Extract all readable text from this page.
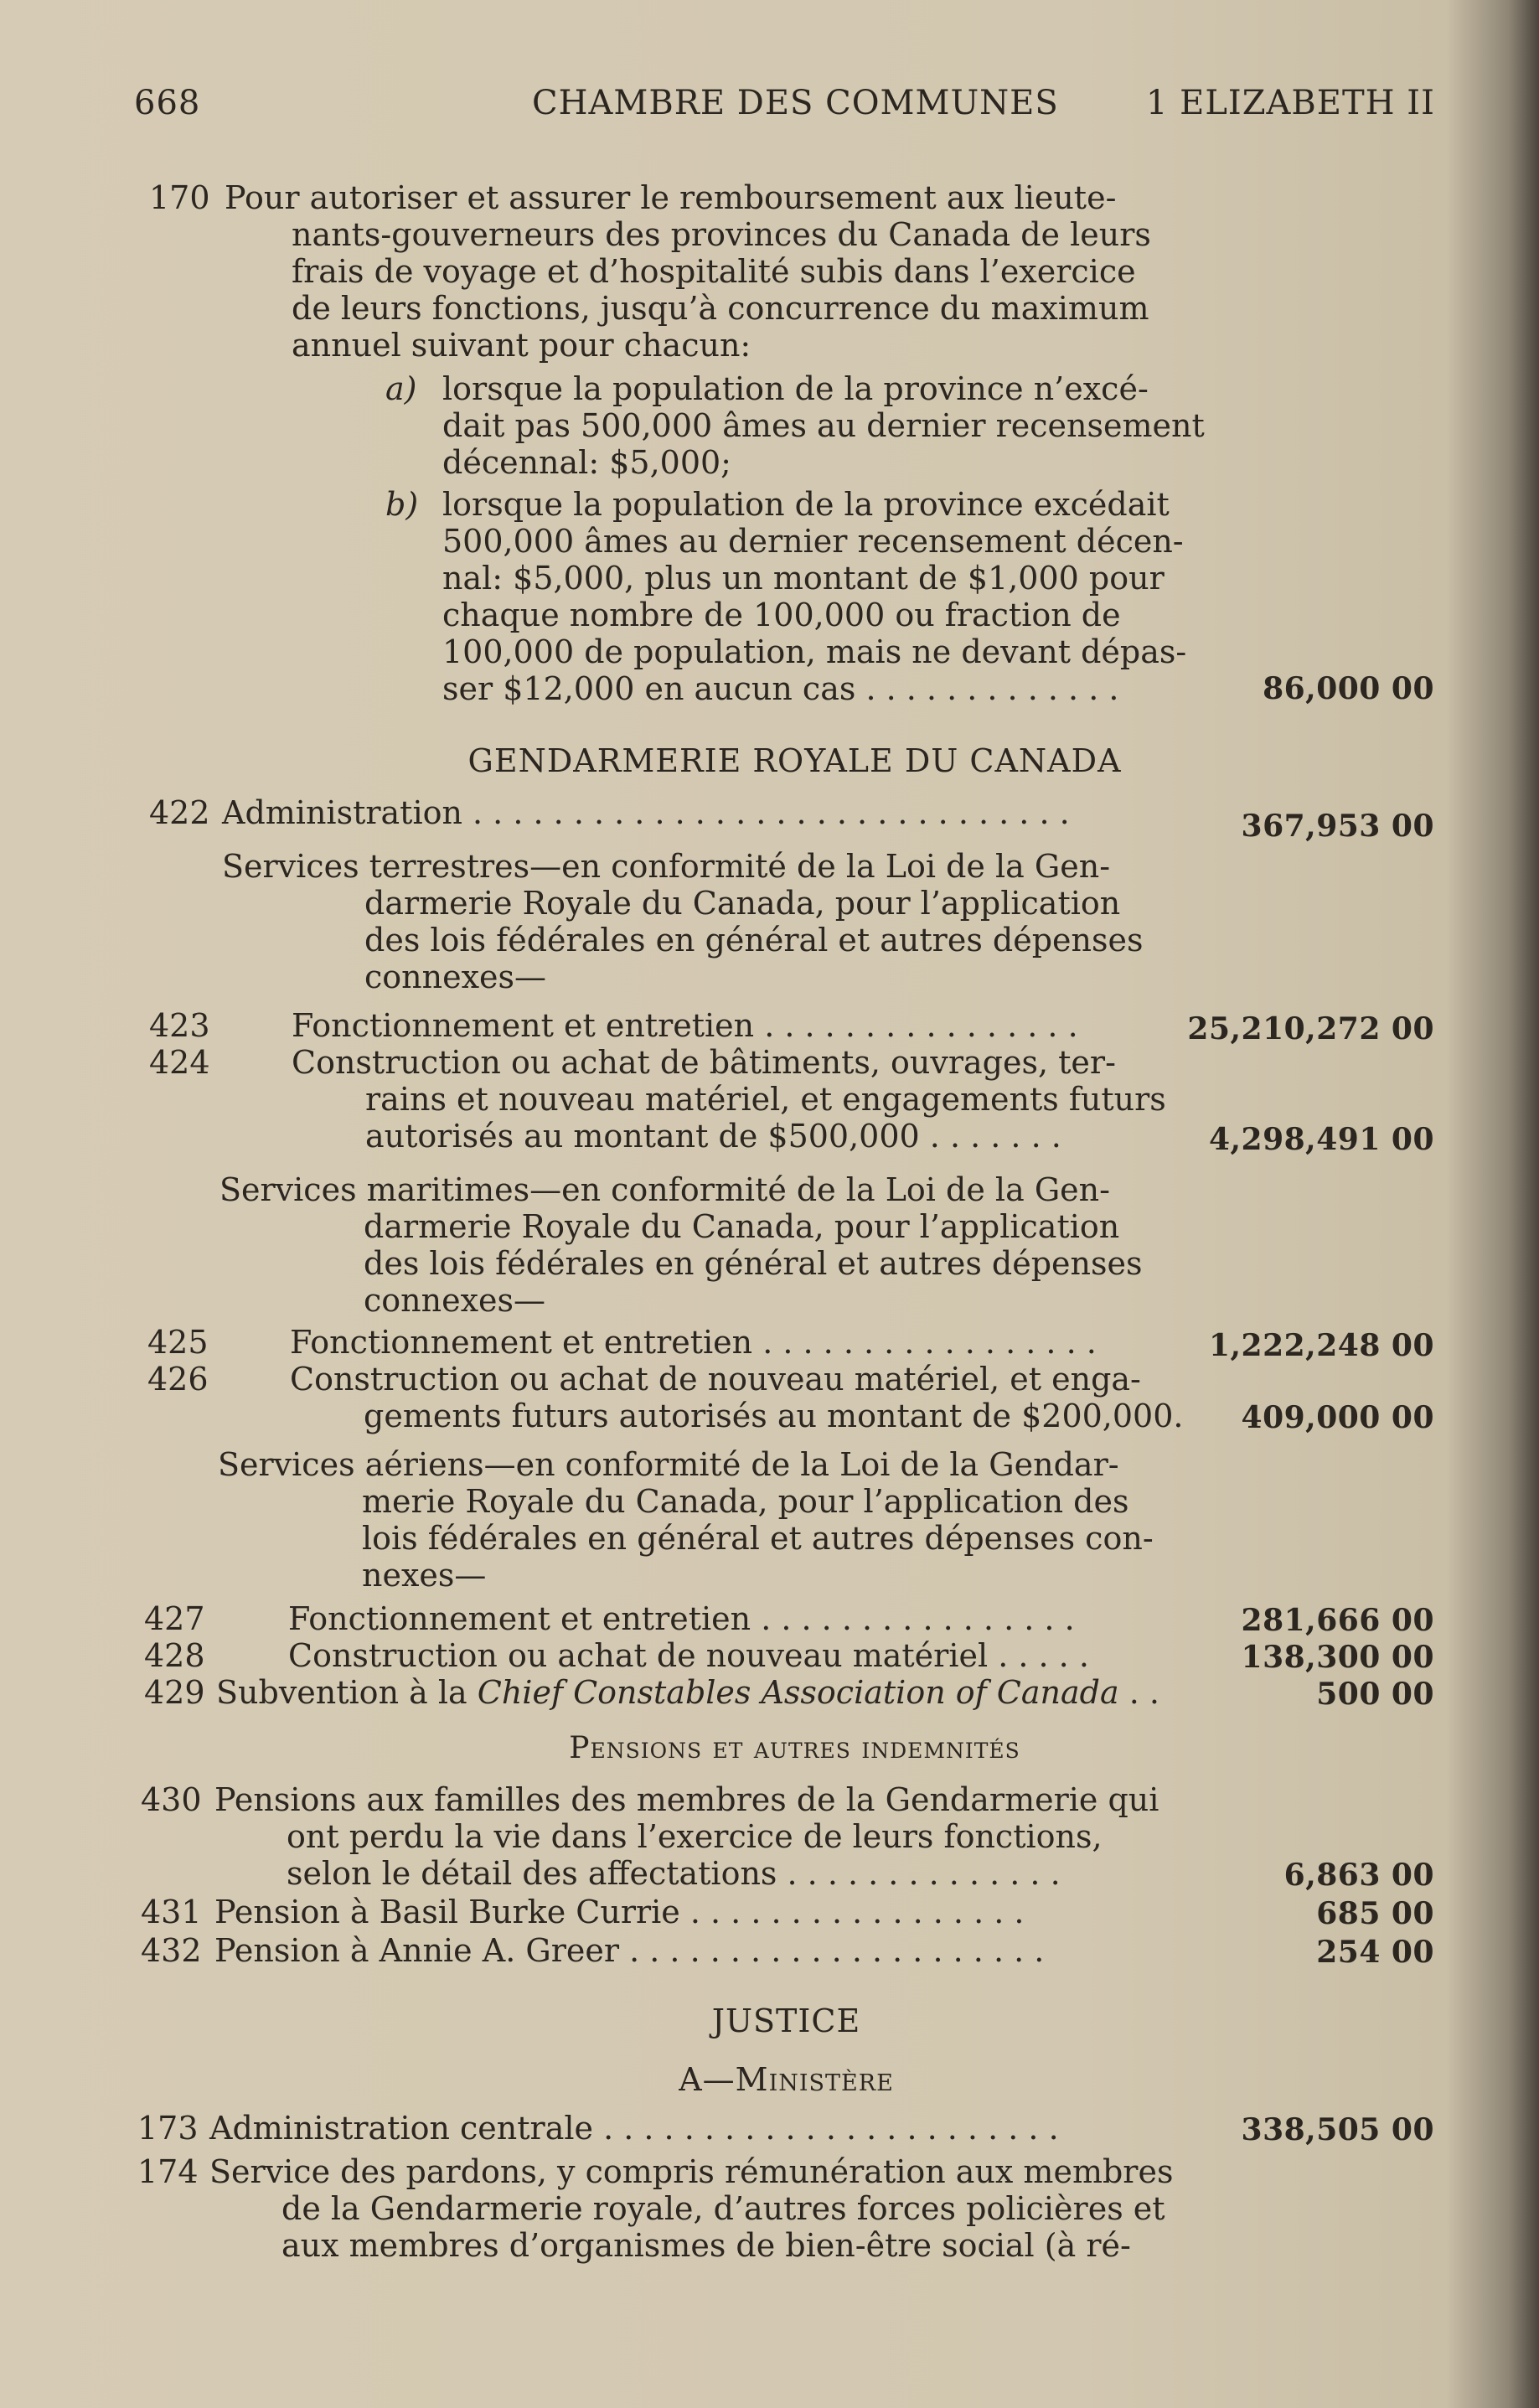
668	CHAMBRE DES COMMUNES	1 ELIZABETH II
170 Pour autoriser et assurer le remboursement aux lieute-
nants-gouverneurs des provinces du Canada de leurs
frais de voyage et d’hospitalité subis dans l’exercice
de leurs fonctions, jusqu’à concurrence du maximum
annuel suivant pour chacun:
a) lorsque la population de la province n’excé-
dait pas 500,000 âmes au dernier recensement
décennal: $5,000;
b) lorsque la population de la province excédait
500,000 âmes au dernier recensement décen-
nal: $5,000, plus un montant de $1,000 pour
chaque nombre de 100,000 ou fraction de
100,000 de population, mais ne devant dépas-
ser $12,000 en aucun cas . . . . . . . . . . . . .	86,000 00
GENDARMERIE ROYALE DU CANADA
422 Administration . . . . . . . . . . . . . . . . . . . . . . . . . . . . . .	367,953 00
Services terrestres—en conformité de la Loi de la Gen-
darmerie Royale du Canada, pour l’application
des lois fédérales en général et autres dépenses
connexes—
423	Fonctionnement et entretien . . . . . . . . . . . . . . . .	25,210,272 00
424	Construction ou achat de bâtiments, ouvrages, ter-
rains et nouveau matériel, et engagements futurs
autorisés au montant de $500,000 . . . . . . .	4,298,491 00
Services maritimes—en conformité de la Loi de la Gen-
darmerie Royale du Canada, pour l’application
des lois fédérales en général et autres dépenses
connexes—
425	Fonctionnement et entretien . . . . . . . . . . . . . . . . .	1,222,248 00
426	Construction ou achat de nouveau matériel, et enga-
gements futurs autorisés au montant de $200,000. 409,000 00
Services aériens—en conformité de la Loi de la Gendar-
merie Royale du Canada, pour l’application des
lois fédérales en général et autres dépenses con-
nexes—
427	Fonctionnement et entretien . . . . . . . . . . . . . . . .	281,666 00
428	Construction ou achat de nouveau matériel . . . . .	138,300 00
429 Subvention à la Chief Constables Association of Canada . .	500 00
Pensions et autres indemnités
430 Pensions aux familles des membres de la Gendarmerie qui
ont perdu la vie dans l’exercice de leurs fonctions,
selon le détail des affectations . . . . . . . . . . . . . .	6,863 00
431 Pension à Basil Burke Currie . . . . . . . . . . . . . . . . .	685 00
432 Pension à Annie A. Greer . . . . . . . . . . . . . . . . . . . . .	254 00
JUSTICE
A—Ministère
173 Administration centrale . . . . . . . . . . . . . . . . . . . . . . .	338,505 00
174 Service des pardons, y compris rémunération aux membres
de la Gendarmerie royale, d’autres forces policières et
aux membres d’organismes de bien-être social (à ré-
